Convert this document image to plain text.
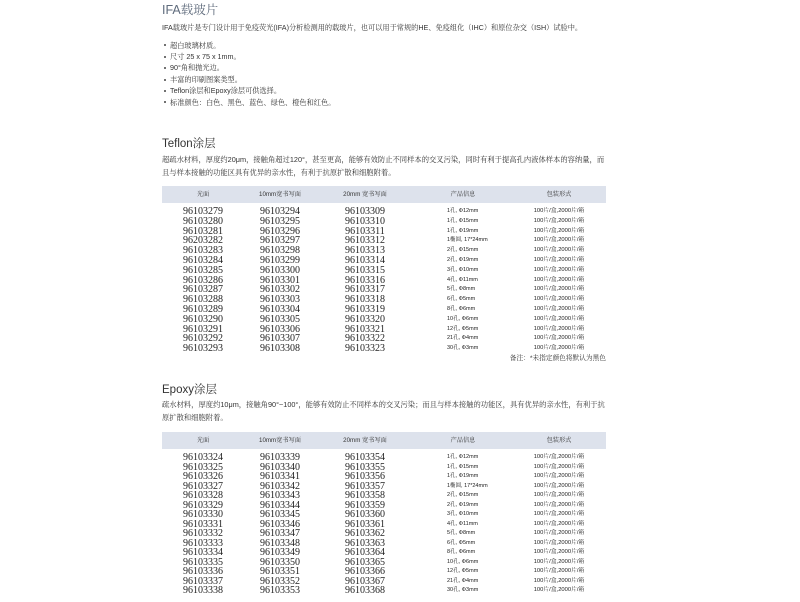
IFA载玻片

IFA载玻片是专门设计用于免疫荧光(IFA)分析检测用的载玻片，也可以用于常规的HE、免疫组化（IHC）和原位杂交（ISH）试验中。

超白玻璃材质。
尺寸 25 x 75 x 1mm。
90°角和抛光边。
丰富的印刷图案类型。
Teflon涂层和Epoxy涂层可供选择。
标准颜色：白色、黑色、蓝色、绿色、橙色和红色。
Teflon涂层

超疏水材料，厚度约20μm，接触角超过120°，甚至更高，能够有效防止不同样本的交叉污染，同时有利于提高孔内液体样本的容纳量，而且与样本接触的功能区具有优异的亲水性，有利于抗原扩散和细胞附着。

光面	10mm宽书写面	20mm 宽书写面	产品信息	包装形式
96103279	96103294	96103309	1孔, Φ12mm	100片/盒,2000片/箱
96103280	96103295	96103310	1孔, Φ15mm	100片/盒,2000片/箱
96103281	96103296	96103311	1孔, Φ19mm	100片/盒,2000片/箱
96203282	96103297	96103312	1椭圆, 17*24mm	100片/盒,2000片/箱
96103283	96103298	96103313	2孔, Φ15mm	100片/盒,2000片/箱
96103284	96103299	96103314	2孔, Φ19mm	100片/盒,2000片/箱
96103285	96103300	96103315	3孔, Φ10mm	100片/盒,2000片/箱
96103286	96103301	96103316	4孔, Φ11mm	100片/盒,2000片/箱
96103287	96103302	96103317	5孔, Φ8mm	100片/盒,2000片/箱
96103288	96103303	96103318	6孔, Φ5mm	100片/盒,2000片/箱
96103289	96103304	96103319	8孔, Φ6mm	100片/盒,2000片/箱
96103290	96103305	96103320	10孔, Φ6mm	100片/盒,2000片/箱
96103291	96103306	96103321	12孔, Φ5mm	100片/盒,2000片/箱
96103292	96103307	96103322	21孔, Φ4mm	100片/盒,2000片/箱
96103293	96103308	96103323	30孔, Φ3mm	100片/盒,2000片/箱

备注：*未指定颜色将默认为黑色

Epoxy涂层

疏水材料，厚度约10μm，接触角90°~100°，能够有效防止不同样本的交叉污染；而且与样本接触的功能区，具有优异的亲水性，有利于抗原扩散和细胞附着。

光面	10mm宽书写面	20mm 宽书写面	产品信息	包装形式
96103324	96103339	96103354	1孔, Φ12mm	100片/盒,2000片/箱
96103325	96103340	96103355	1孔, Φ15mm	100片/盒,2000片/箱
96103326	96103341	96103356	1孔, Φ19mm	100片/盒,2000片/箱
96103327	96103342	96103357	1椭圆, 17*24mm	100片/盒,2000片/箱
96103328	96103343	96103358	2孔, Φ15mm	100片/盒,2000片/箱
96103329	96103344	96103359	2孔, Φ19mm	100片/盒,2000片/箱
96103330	96103345	96103360	3孔, Φ10mm	100片/盒,2000片/箱
96103331	96103346	96103361	4孔, Φ11mm	100片/盒,2000片/箱
96103332	96103347	96103362	5孔, Φ8mm	100片/盒,2000片/箱
96103333	96103348	96103363	6孔, Φ5mm	100片/盒,2000片/箱
96103334	96103349	96103364	8孔, Φ6mm	100片/盒,2000片/箱
96103335	96103350	96103365	10孔, Φ6mm	100片/盒,2000片/箱
96103336	96103351	96103366	12孔, Φ5mm	100片/盒,2000片/箱
96103337	96103352	96103367	21孔, Φ4mm	100片/盒,2000片/箱
96103338	96103353	96103368	30孔, Φ3mm	100片/盒,2000片/箱
